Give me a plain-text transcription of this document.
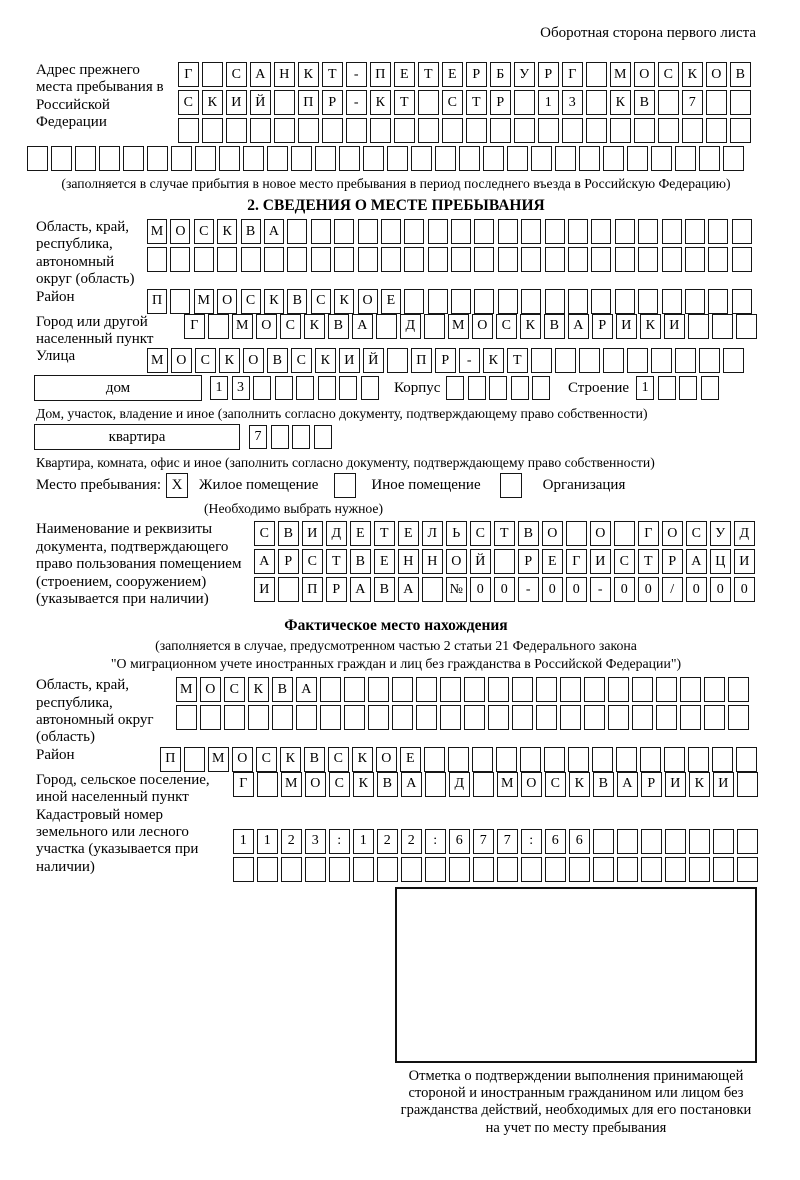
Оборотная сторона первого листа
Адрес прежнего места пребывания в Российской Федерации
Г	С	А Н	К	Т	-	П	Е	Т	Е	Р	Б	У	Р	Г	М О	С	К	О	В
С	К	И Й	П	Р	-	К	Т	С	Т	Р	1	3	К	В	7
(заполняется в случае прибытия в новое место пребывания в период последнего въезда в Российскую Федерацию)
2. СВЕДЕНИЯ О МЕСТЕ ПРЕБЫВАНИЯ
Область, край, республика, автономный округ (область)
М О С	К	В А
Район	П	М О С	К	В	С	К О	Е
Город или другой населенный пункт
Г	М О	С	К	В	А	Д	М О	С	К	В	А	Р	И	К	И
Улица	М О	С	К	О	В	С	К	И Й	П	Р	-	К	Т
дом	1	3	Корпус	Строение 1
Дом, участок, владение и иное (заполнить согласно документу, подтверждающему право собственности)
квартира	7
Квартира, комната, офис и иное (заполнить согласно документу, подтверждающему право собственности)
Место пребывания: X	Жилое помещение	Иное помещение	Организация
(Необходимо выбрать нужное)
Наименование и реквизиты документа, подтверждающего право пользования помещением (строением, сооружением) (указывается при наличии)
С	В	И	Д	Е	Т	Е	Л	Ь	С	Т	В	О	О	Г	О	С	У	Д
А	Р	С	Т	В	Е	Н Н О Й	Р	Е	Г	И	С	Т	Р	А Ц И
И	П	Р	А	В	А	№ 0	0	-	0	0	-	0	0	/	0	0	0
Фактическое место нахождения
(заполняется в случае, предусмотренном частью 2 статьи 21 Федерального закона
"О миграционном учете иностранных граждан и лиц без гражданства в Российской Федерации")
Область, край, республика, автономный округ (область)
М О	С	К	В	А
Район	П	М О	С	К	В	С	К	О	Е
Город, сельское поселение, иной населенный пункт
Г	М О	С	К	В	А	Д	М О	С	К	В	А	Р	И	К	И
Кадастровый номер земельного или лесного участка (указывается при наличии)
1	1	2	3	:	1	2	2	:	6	7	7	:	6	6
Отметка о подтверждении выполнения принимающей стороной и иностранным гражданином или лицом без гражданства действий, необходимых для его постановки на учет по месту пребывания
